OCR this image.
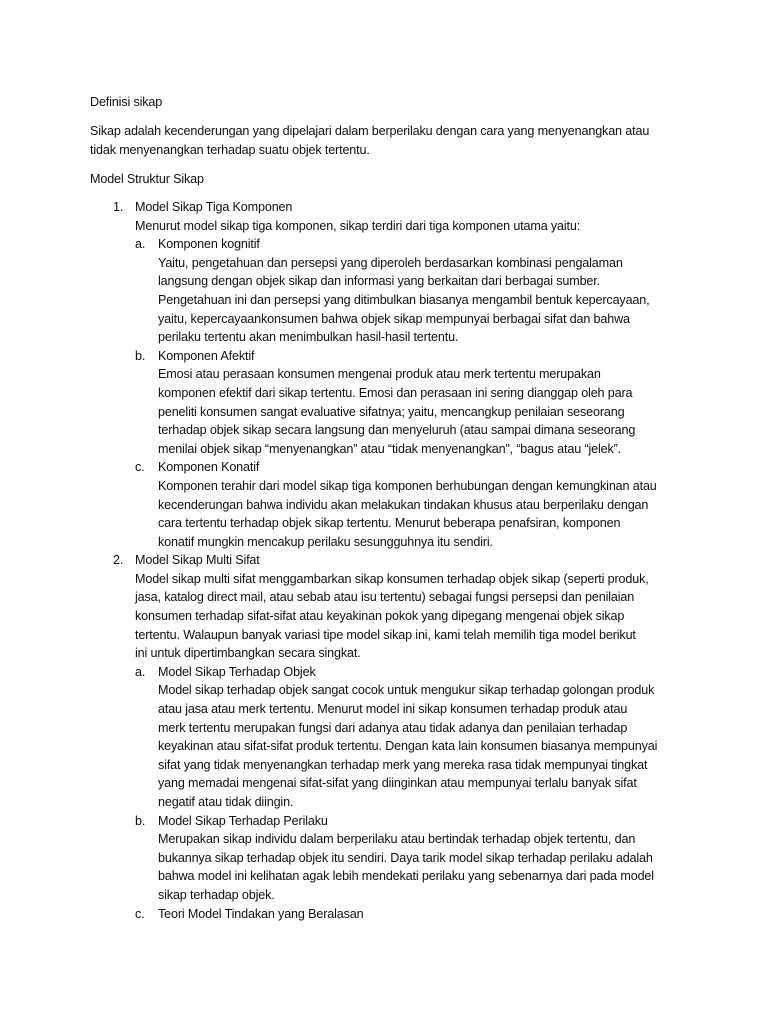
Definisi sikap
Sikap adalah kecenderungan yang dipelajari dalam berperilaku dengan cara yang menyenangkan atau
tidak menyenangkan terhadap suatu objek tertentu.
Model Struktur Sikap
1. Model Sikap Tiga Komponen
Menurut model sikap tiga komponen, sikap terdiri dari tiga komponen utama yaitu:
a. Komponen kognitif
Yaitu, pengetahuan dan persepsi yang diperoleh berdasarkan kombinasi pengalaman
langsung dengan objek sikap dan informasi yang berkaitan dari berbagai sumber.
Pengetahuan ini dan persepsi yang ditimbulkan biasanya mengambil bentuk kepercayaan,
yaitu, kepercayaankonsumen bahwa objek sikap mempunyai berbagai sifat dan bahwa
perilaku tertentu akan menimbulkan hasil-hasil tertentu.
b. Komponen Afektif
Emosi atau perasaan konsumen mengenai produk atau merk tertentu merupakan
komponen efektif dari sikap tertentu. Emosi dan perasaan ini sering dianggap oleh para
peneliti konsumen sangat evaluative sifatnya; yaitu, mencangkup penilaian seseorang
terhadap objek sikap secara langsung dan menyeluruh (atau sampai dimana seseorang
menilai objek sikap “menyenangkan” atau “tidak menyenangkan”, “bagus atau “jelek”.
c. Komponen Konatif
Komponen terahir dari model sikap tiga komponen berhubungan dengan kemungkinan atau
kecenderungan bahwa individu akan melakukan tindakan khusus atau berperilaku dengan
cara tertentu terhadap objek sikap tertentu. Menurut beberapa penafsiran, komponen
konatif mungkin mencakup perilaku sesungguhnya itu sendiri.
2. Model Sikap Multi Sifat
Model sikap multi sifat menggambarkan sikap konsumen terhadap objek sikap (seperti produk,
jasa, katalog direct mail, atau sebab atau isu tertentu) sebagai fungsi persepsi dan penilaian
konsumen terhadap sifat-sifat atau keyakinan pokok yang dipegang mengenai objek sikap
tertentu. Walaupun banyak variasi tipe model sikap ini, kami telah memilih tiga model berikut
ini untuk dipertimbangkan secara singkat.
a. Model Sikap Terhadap Objek
Model sikap terhadap objek sangat cocok untuk mengukur sikap terhadap golongan produk
atau jasa atau merk tertentu. Menurut model ini sikap konsumen terhadap produk atau
merk tertentu merupakan fungsi dari adanya atau tidak adanya dan penilaian terhadap
keyakinan atau sifat-sifat produk tertentu. Dengan kata lain konsumen biasanya mempunyai
sifat yang tidak menyenangkan terhadap merk yang mereka rasa tidak mempunyai tingkat
yang memadai mengenai sifat-sifat yang diinginkan atau mempunyai terlalu banyak sifat
negatif atau tidak diingin.
b. Model Sikap Terhadap Perilaku
Merupakan sikap individu dalam berperilaku atau bertindak terhadap objek tertentu, dan
bukannya sikap terhadap objek itu sendiri. Daya tarik model sikap terhadap perilaku adalah
bahwa model ini kelihatan agak lebih mendekati perilaku yang sebenarnya dari pada model
sikap terhadap objek.
c. Teori Model Tindakan yang Beralasan
